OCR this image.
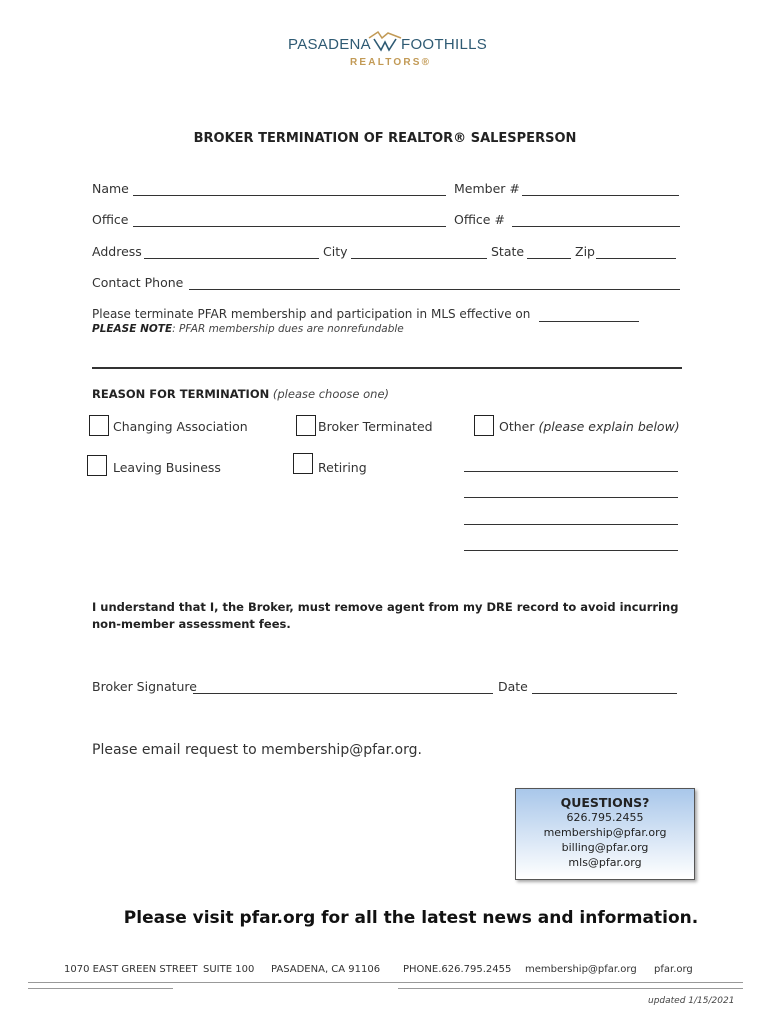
PASADENA FOOTHILLS
REALTORS®
BROKER TERMINATION OF REALTOR® SALESPERSON
Name	Member #
Office	Office #
Address	City	State	Zip
Contact Phone
Please terminate PFAR membership and participation in MLS effective on
PLEASE NOTE: PFAR membership dues are nonrefundable
REASON FOR TERMINATION (please choose one)
Changing Association	Broker Terminated	Other (please explain below)
Leaving Business	Retiring
I understand that I, the Broker, must remove agent from my DRE record to avoid incurring non-member assessment fees.
Broker Signature	Date
Please email request to membership@pfar.org.
QUESTIONS?
626.795.2455
membership@pfar.org
billing@pfar.org
mls@pfar.org
Please visit pfar.org for all the latest news and information.
1070 EAST GREEN STREET SUITE 100 PASADENA, CA 91106 PHONE.626.795.2455 membership@pfar.org pfar.org
updated 1/15/2021
